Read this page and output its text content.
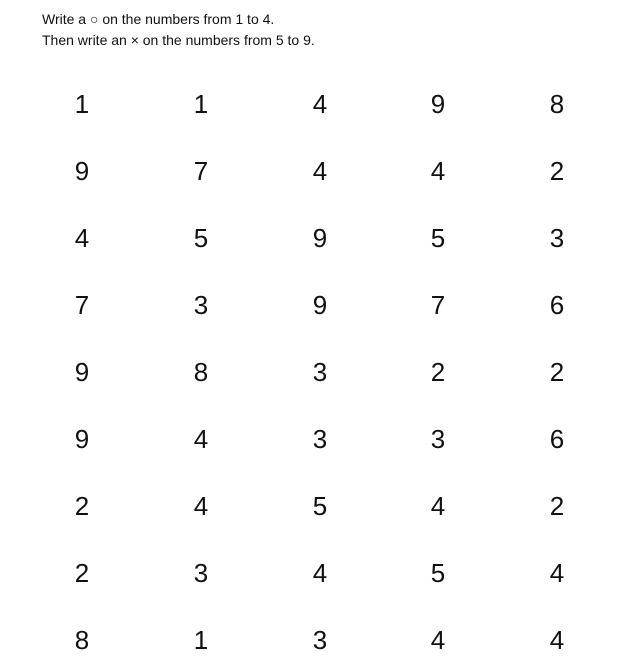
Write a ○ on the numbers from 1 to 4.
Then write an × on the numbers from 5 to 9.
1	1	4	9	8
9	7	4	4	2
4	5	9	5	3
7	3	9	7	6
9	8	3	2	2
9	4	3	3	6
2	4	5	4	2
2	3	4	5	4
8	1	3	4	4
